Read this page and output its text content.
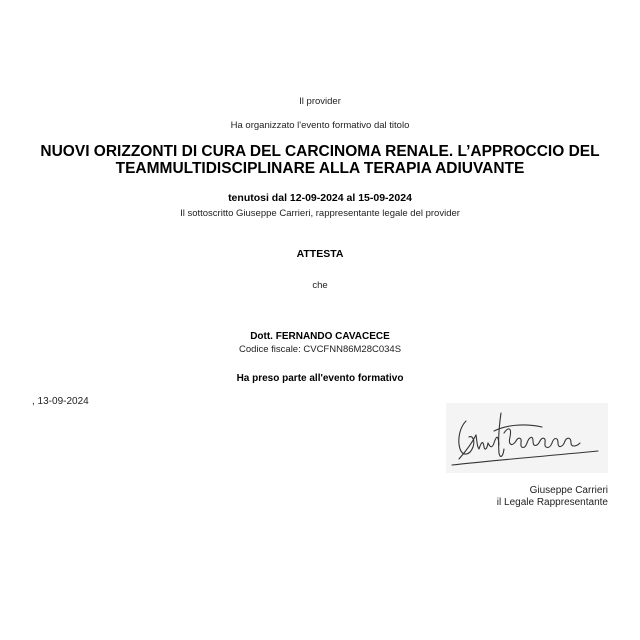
Il provider
Ha organizzato l'evento formativo dal titolo
NUOVI ORIZZONTI DI CURA DEL CARCINOMA RENALE. L’APPROCCIO DEL
TEAMMULTIDISCIPLINARE ALLA TERAPIA ADIUVANTE
tenutosi dal 12-09-2024 al 15-09-2024
Il sottoscritto Giuseppe Carrieri, rappresentante legale del provider
ATTESTA
che
Dott. FERNANDO CAVACECE
Codice fiscale: CVCFNN86M28C034S
Ha preso parte all'evento formativo
, 13-09-2024
Giuseppe Carrieri
il Legale Rappresentante
